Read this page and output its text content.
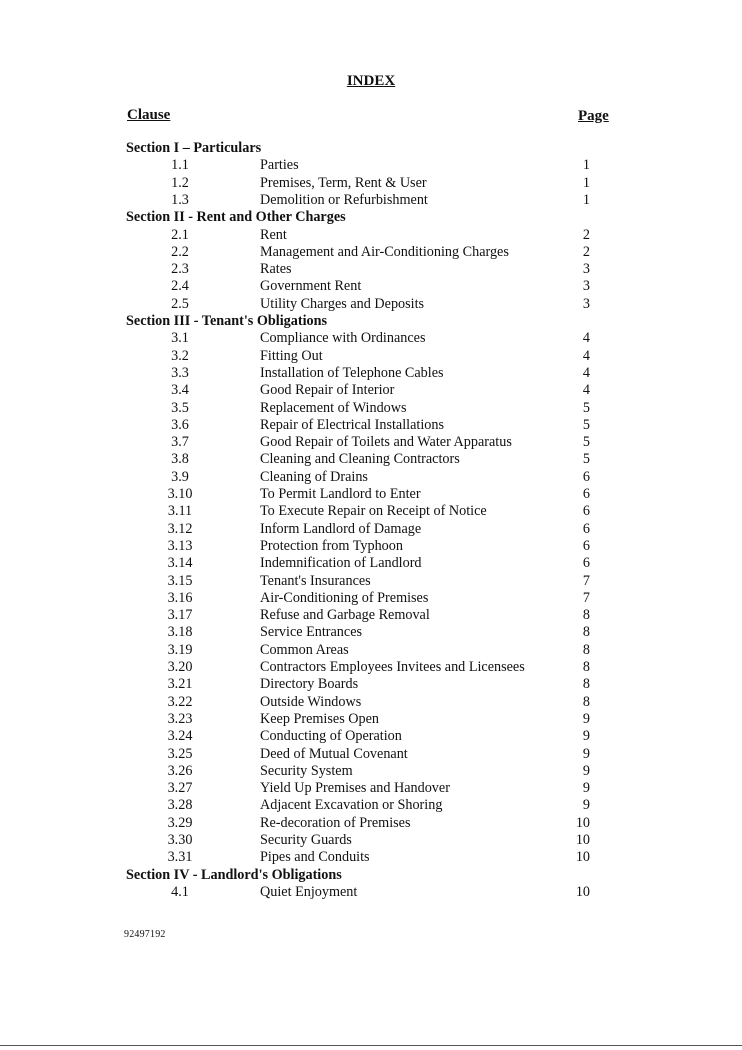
INDEX
Clause	Page
Section I – Particulars
1.1	Parties	1
1.2	Premises, Term, Rent & User	1
1.3	Demolition or Refurbishment	1
Section II - Rent and Other Charges
2.1	Rent	2
2.2	Management and Air-Conditioning Charges	2
2.3	Rates	3
2.4	Government Rent	3
2.5	Utility Charges and Deposits	3
Section III - Tenant's Obligations
3.1	Compliance with Ordinances	4
3.2	Fitting Out	4
3.3	Installation of Telephone Cables	4
3.4	Good Repair of Interior	4
3.5	Replacement of Windows	5
3.6	Repair of Electrical Installations	5
3.7	Good Repair of Toilets and Water Apparatus	5
3.8	Cleaning and Cleaning Contractors	5
3.9	Cleaning of Drains	6
3.10	To Permit Landlord to Enter	6
3.11	To Execute Repair on Receipt of Notice	6
3.12	Inform Landlord of Damage	6
3.13	Protection from Typhoon	6
3.14	Indemnification of Landlord	6
3.15	Tenant's Insurances	7
3.16	Air-Conditioning of Premises	7
3.17	Refuse and Garbage Removal	8
3.18	Service Entrances	8
3.19	Common Areas	8
3.20	Contractors Employees Invitees and Licensees	8
3.21	Directory Boards	8
3.22	Outside Windows	8
3.23	Keep Premises Open	9
3.24	Conducting of Operation	9
3.25	Deed of Mutual Covenant	9
3.26	Security System	9
3.27	Yield Up Premises and Handover	9
3.28	Adjacent Excavation or Shoring	9
3.29	Re-decoration of Premises	10
3.30	Security Guards	10
3.31	Pipes and Conduits	10
Section IV - Landlord's Obligations
4.1	Quiet Enjoyment	10
92497192
